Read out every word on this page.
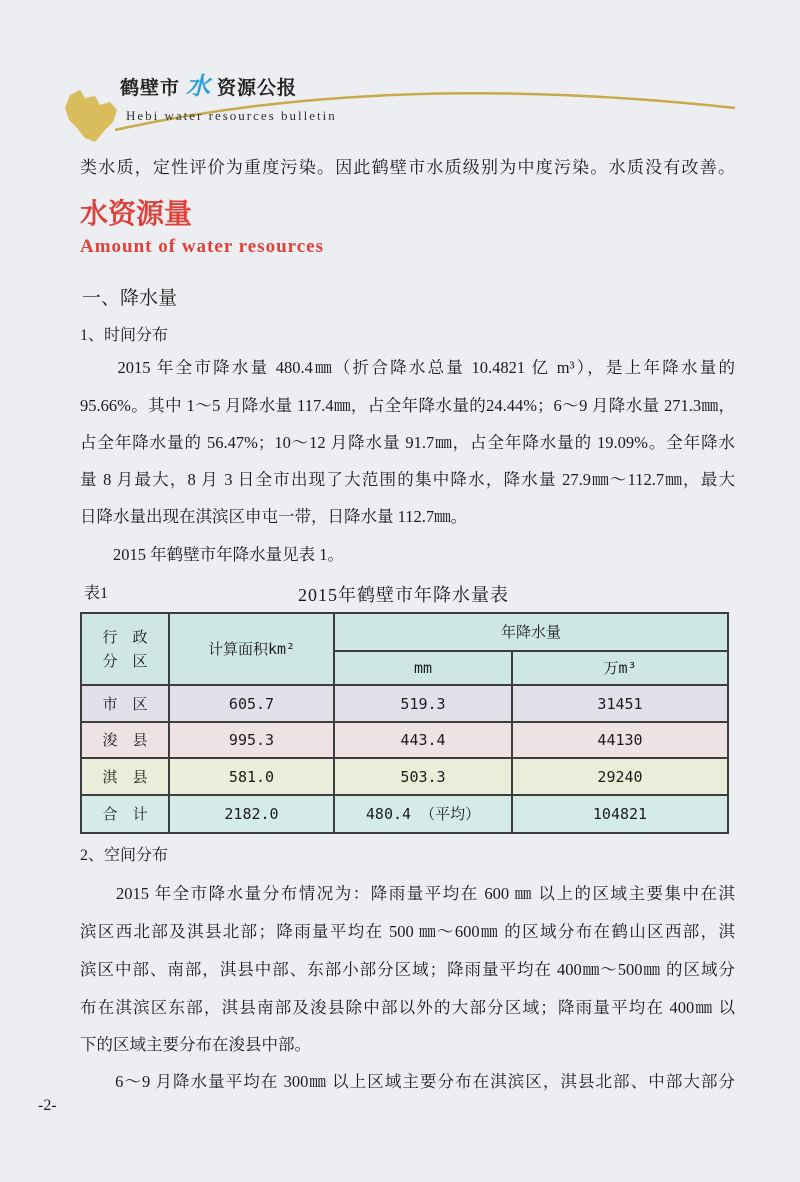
鹤壁市 水 资源公报
Hebi water resources bulletin
类水质，定性评价为重度污染。因此鹤壁市水质级别为中度污染。水质没有改善。
水资源量
Amount of water resources
一、降水量
1、时间分布
　　2015 年全市降水量 480.4㎜（折合降水总量 10.4821 亿 m³），是上年降水量的
95.66%。其中 1～5 月降水量 117.4㎜，占全年降水量的24.44%；6～9 月降水量 271.3㎜，
占全年降水量的 56.47%；10～12 月降水量 91.7㎜，占全年降水量的 19.09%。全年降水
量 8 月最大，8 月 3 日全市出现了大范围的集中降水，降水量 27.9㎜～112.7㎜，最大
日降水量出现在淇滨区申屯一带，日降水量 112.7㎜。
　　2015 年鹤壁市年降水量见表 1。
表1	2015年鹤壁市年降水量表
行　政
分　区	计算面积km²	年降水量	
		mm	万m³
市　区	605.7	519.3	31451
浚　县	995.3	443.4	44130
淇　县	581.0	503.3	29240
合　计	2182.0	480.4 （平均）	104821
2、空间分布
　　2015 年全市降水量分布情况为：降雨量平均在 600 ㎜ 以上的区域主要集中在淇
滨区西北部及淇县北部；降雨量平均在 500 ㎜～600㎜ 的区域分布在鹤山区西部，淇
滨区中部、南部，淇县中部、东部小部分区域；降雨量平均在 400㎜～500㎜ 的区域分
布在淇滨区东部，淇县南部及浚县除中部以外的大部分区域；降雨量平均在 400㎜ 以
下的区域主要分布在浚县中部。
　　6～9 月降水量平均在 300㎜ 以上区域主要分布在淇滨区，淇县北部、中部大部分
-2-
